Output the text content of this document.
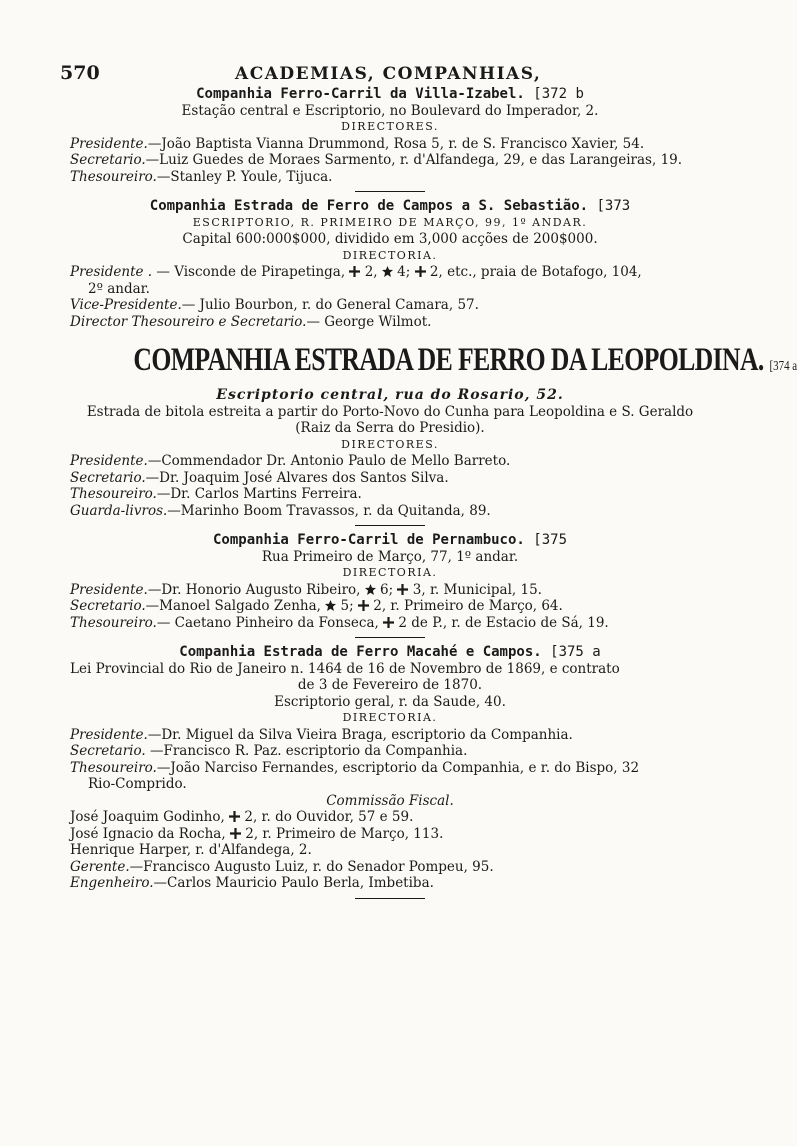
570	ACADEMIAS, COMPANHIAS,
Companhia Ferro-Carril da Villa-Izabel. [372 b
Estação central e Escriptorio, no Boulevard do Imperador, 2.
DIRECTORES.
Presidente.—João Baptista Vianna Drummond, Rosa 5, r. de S. Francisco Xavier, 54.
Secretario.—Luiz Guedes de Moraes Sarmento, r. d'Alfandega, 29, e das Larangeiras, 19.
Thesoureiro.—Stanley P. Youle, Tijuca.
Companhia Estrada de Ferro de Campos a S. Sebastião. [373
ESCRIPTORIO, R. PRIMEIRO DE MARÇO, 99, 1º ANDAR.
Capital 600:000$000, dividido em 3,000 acções de 200$000.
DIRECTORIA.
Presidente . — Visconde de Pirapetinga,  2,  4;  2, etc., praia de Botafogo, 104,
2º andar.
Vice-Presidente.— Julio Bourbon, r. do General Camara, 57.
Director Thesoureiro e Secretario.— George Wilmot.
COMPANHIA ESTRADA DE FERRO DA LEOPOLDINA. [374 a
Escriptorio central, rua do Rosario, 52.
Estrada de bitola estreita a partir do Porto-Novo do Cunha para Leopoldina e S. Geraldo
(Raiz da Serra do Presidio).
DIRECTORES.
Presidente.—Commendador Dr. Antonio Paulo de Mello Barreto.
Secretario.—Dr. Joaquim José Alvares dos Santos Silva.
Thesoureiro.—Dr. Carlos Martins Ferreira.
Guarda-livros.—Marinho Boom Travassos, r. da Quitanda, 89.
Companhia Ferro-Carril de Pernambuco. [375
Rua Primeiro de Março, 77, 1º andar.
DIRECTORIA.
Presidente.—Dr. Honorio Augusto Ribeiro,  6;  3, r. Municipal, 15.
Secretario.—Manoel Salgado Zenha,  5;  2, r. Primeiro de Março, 64.
Thesoureiro.— Caetano Pinheiro da Fonseca,  2 de P., r. de Estacio de Sá, 19.
Companhia Estrada de Ferro Macahé e Campos. [375 a
Lei Provincial do Rio de Janeiro n. 1464 de 16 de Novembro de 1869, e contrato
de 3 de Fevereiro de 1870.
Escriptorio geral, r. da Saude, 40.
DIRECTORIA.
Presidente.—Dr. Miguel da Silva Vieira Braga, escriptorio da Companhia.
Secretario. —Francisco R. Paz. escriptorio da Companhia.
Thesoureiro.—João Narciso Fernandes, escriptorio da Companhia, e r. do Bispo, 32
Rio-Comprido.
Commissão Fiscal.
José Joaquim Godinho,  2, r. do Ouvidor, 57 e 59.
José Ignacio da Rocha,  2, r. Primeiro de Março, 113.
Henrique Harper, r. d'Alfandega, 2.
Gerente.—Francisco Augusto Luiz, r. do Senador Pompeu, 95.
Engenheiro.—Carlos Mauricio Paulo Berla, Imbetiba.
